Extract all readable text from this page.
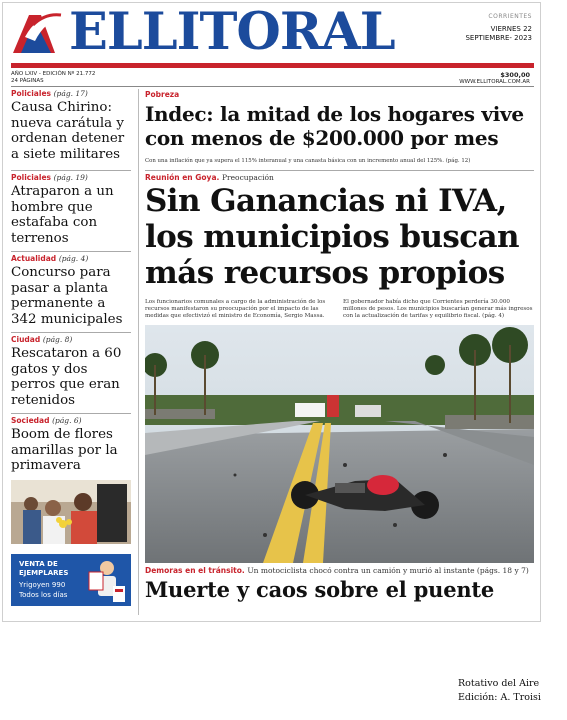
ELLITORAL	CORRIENTES
VIERNES 22
SEPTIEMBRE- 2023
AÑO LXIV - EDICIÓN Nº 21.772
24 PÁGINAS
$300,00
WWW.ELLITORAL.COM.AR
Policiales (pág. 17)
Causa Chirino: nueva carátula y ordenan detener a siete militares
Policiales (pág. 19)
Atraparon a un hombre que estafaba con terrenos
Actualidad (pág. 4)
Concurso para pasar a planta permanente a 342 municipales
Ciudad (pág. 8)
Rescataron a 60 gatos y dos perros que eran retenidos
Sociedad (pág. 6)
Boom de flores amarillas por la primavera
VENTA DE
EJEMPLARES
Yrigoyen 990
Todos los días
Pobreza
Indec: la mitad de los hogares vive
con menos de $200.000 por mes
Con una inflación que ya supera el 115% interanual y una canasta básica con un incremento anual del 125%. (pág. 12)
Reunión en Goya. Preocupación
Sin Ganancias ni IVA,
los municipios buscan
más recursos propios
Los funcionarios comunales a cargo de la administración de los recursos manifestaron su preocupación por el impacto de las medidas que efectivizó el ministro de Economía, Sergio Massa.
El gobernador había dicho que Corrientes perdería 30.000 millones de pesos. Los municipios buscarían generar más ingresos con la actualización de tarifas y equilibrio fiscal. (pág. 4)
Demoras en el tránsito. Un motociclista chocó contra un camión y murió al instante (págs. 18 y 7)
Muerte y caos sobre el puente
Rotativo del Aire
Edición: A. Troisi
